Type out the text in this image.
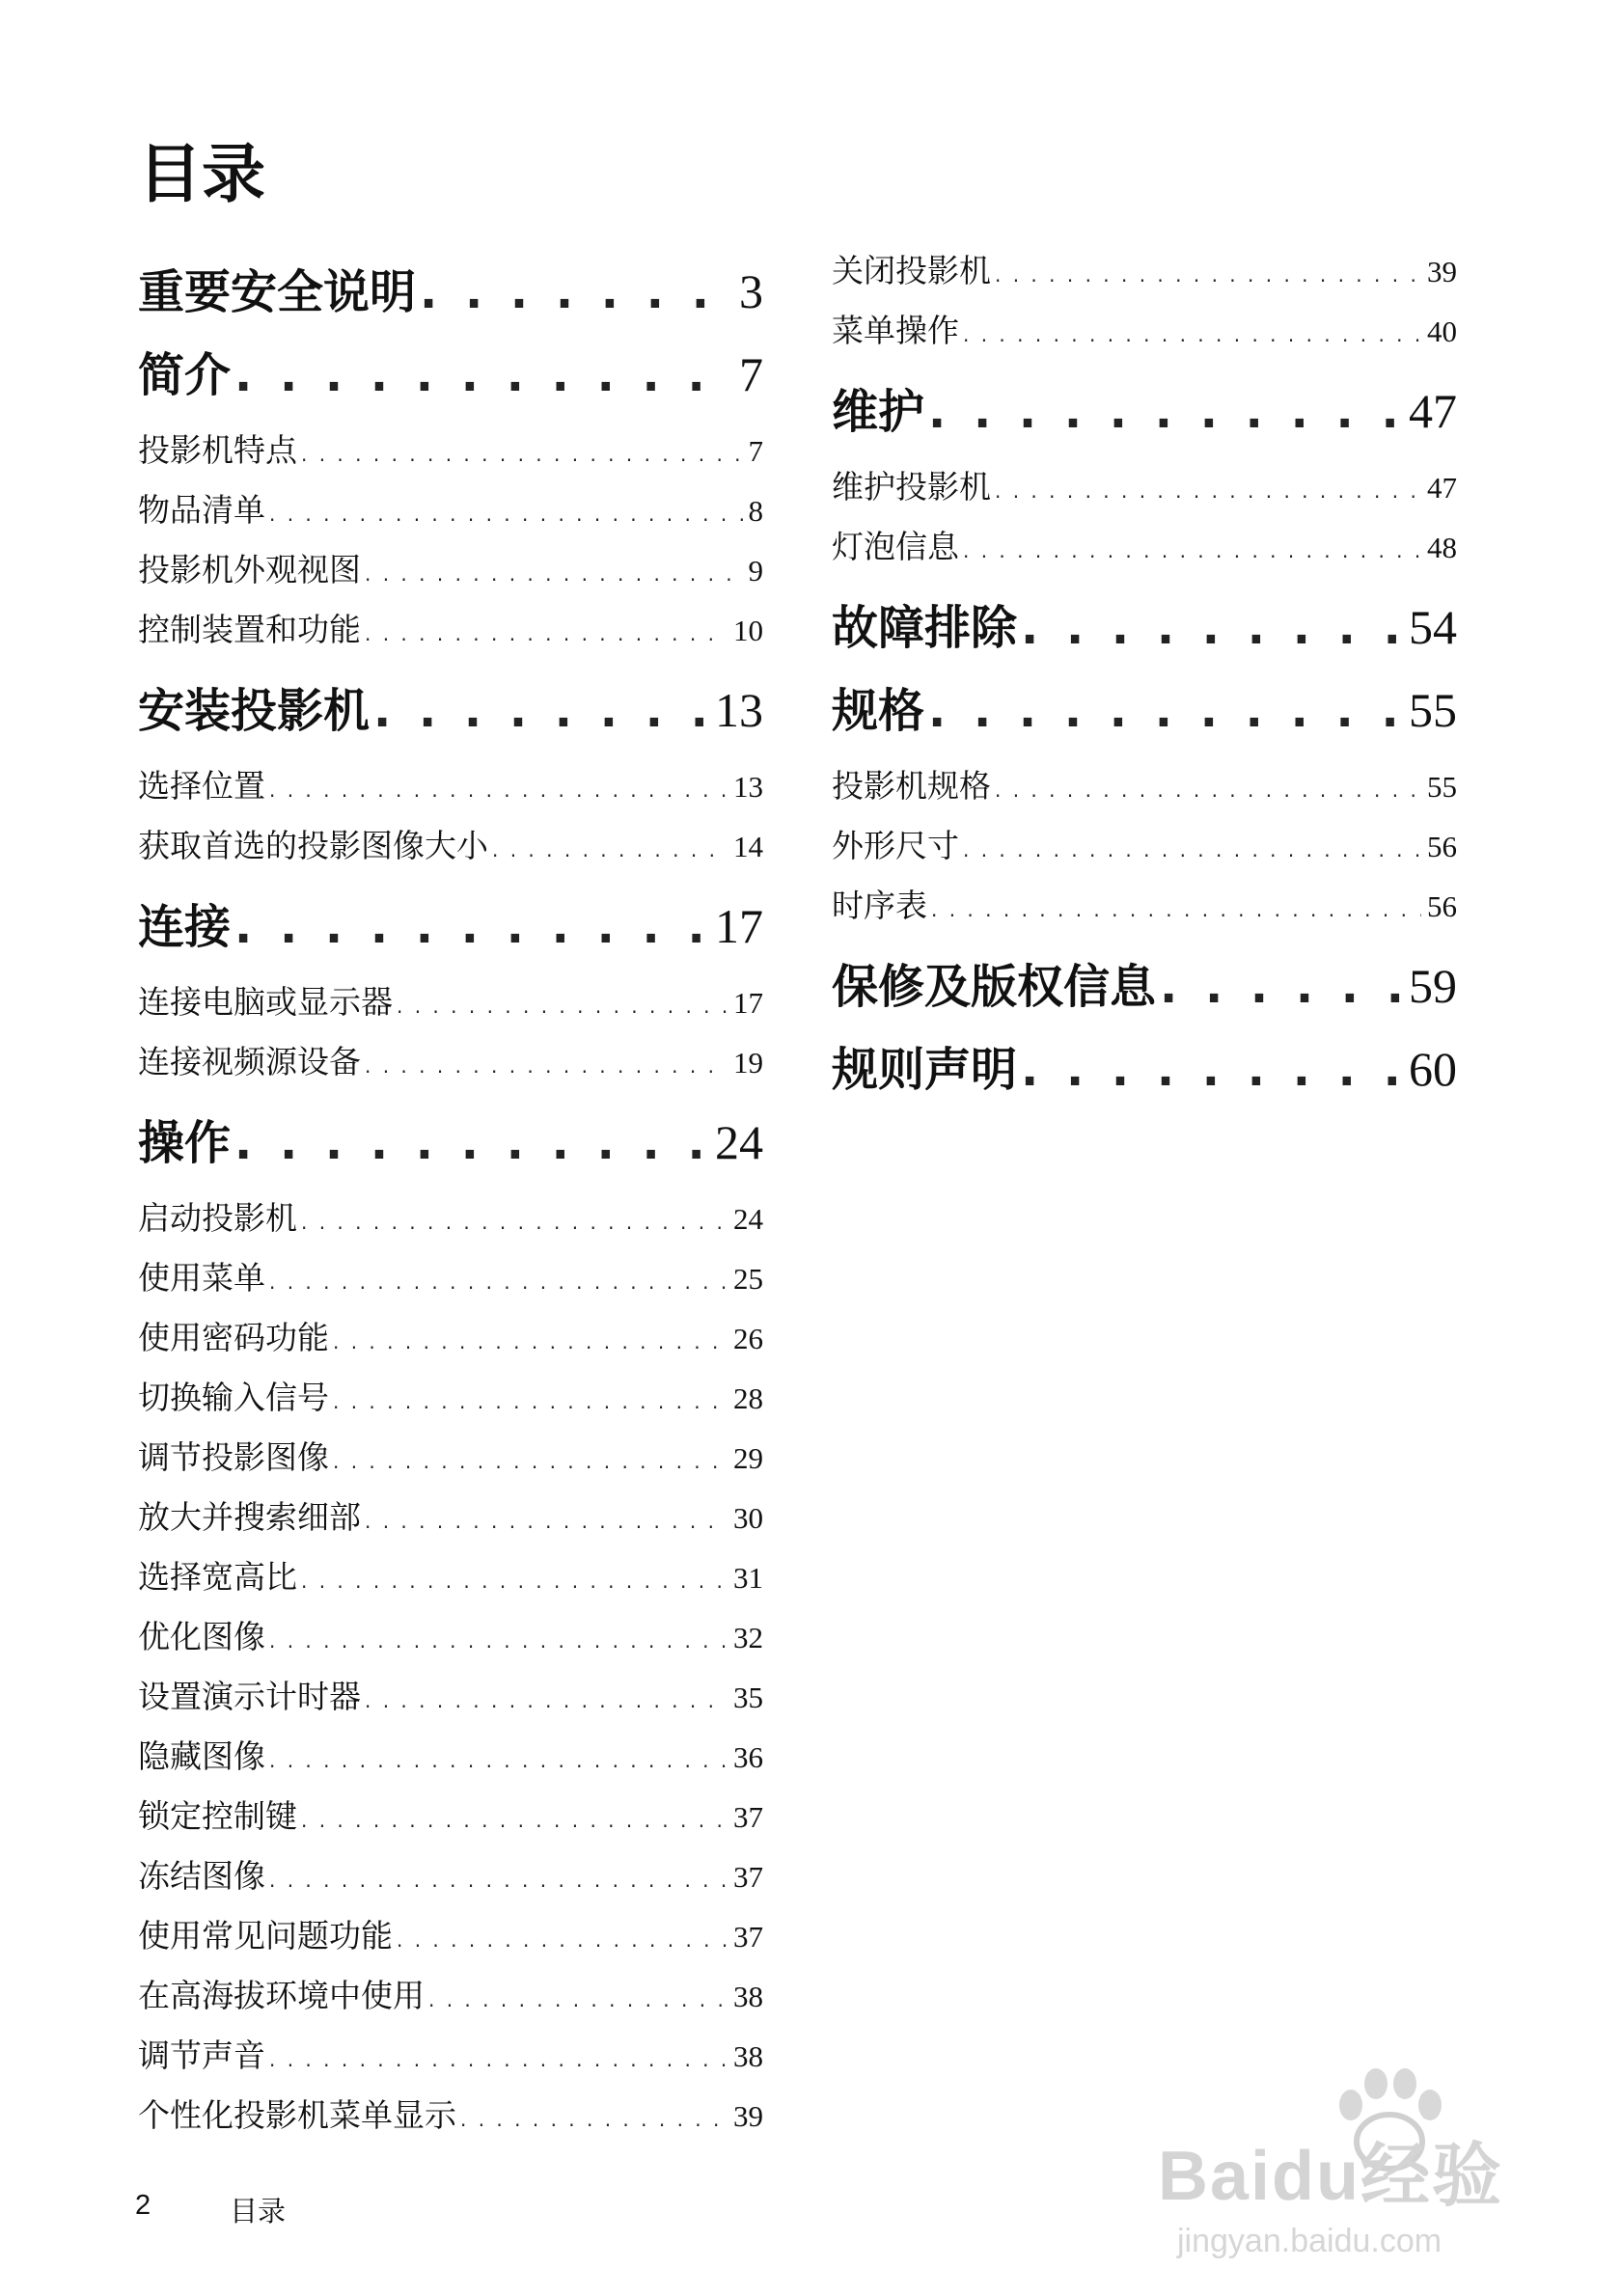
目录
重要安全说明 . . .	3
简介 . . .	7
投影机特点 . . .	7
物品清单 . . .	8
投影机外观视图 . . .	9
控制装置和功能 . . .	10
安装投影机 . . .	13
选择位置 . . .	13
获取首选的投影图像大小 . . .	14
连接 . . .	17
连接电脑或显示器 . . .	17
连接视频源设备 . . .	19
操作 . . .	24
启动投影机 . . .	24
使用菜单 . . .	25
使用密码功能 . . .	26
切换输入信号 . . .	28
调节投影图像 . . .	29
放大并搜索细部 . . .	30
选择宽高比 . . .	31
优化图像 . . .	32
设置演示计时器 . . .	35
隐藏图像 . . .	36
锁定控制键 . . .	37
冻结图像 . . .	37
使用常见问题功能 . . .	37
在高海拔环境中使用 . . .	38
调节声音 . . .	38
个性化投影机菜单显示 . . .	39
关闭投影机 . . .	39
菜单操作 . . .	40
维护 . . .	47
维护投影机 . . .	47
灯泡信息 . . .	48
故障排除 . . .	54
规格 . . .	55
投影机规格 . . .	55
外形尺寸 . . .	56
时序表 . . .	56
保修及版权信息 . . .	59
规则声明 . . .	60
2	目录	Baidu经验
jingyan.baidu.com
